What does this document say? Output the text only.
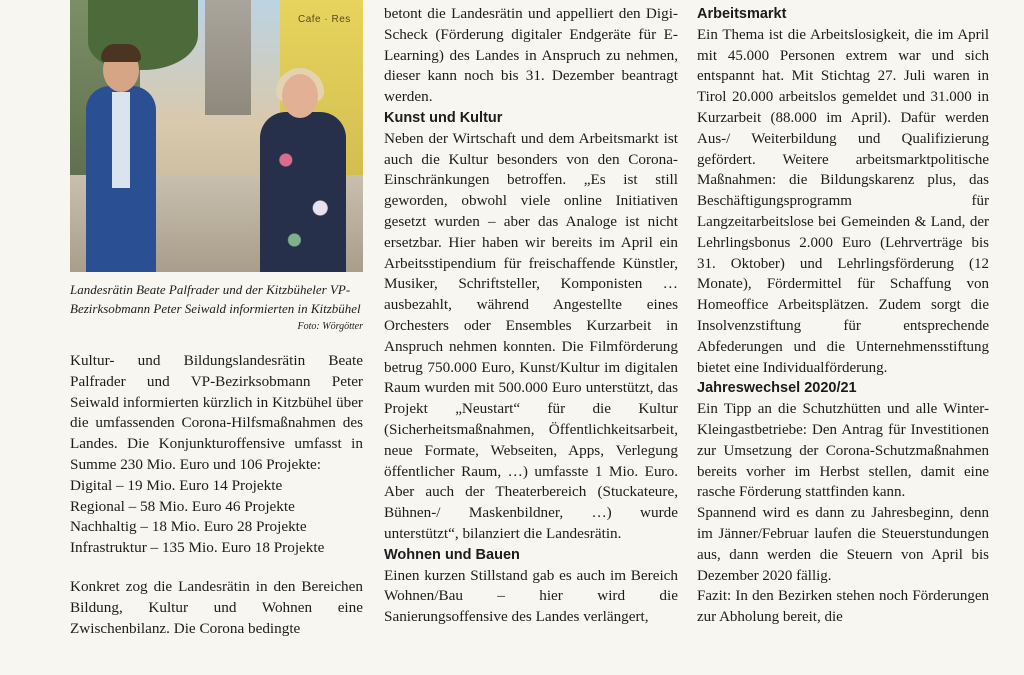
Cafe · Res

Landesrätin Beate Palfrader und der Kitzbüheler VP-Bezirksobmann Peter Seiwald informierten in Kitzbühel

Foto: Wörgötter

Kultur- und Bildungslandesrätin Beate Palfrader und VP-Bezirksobmann Peter Seiwald informierten kürzlich in Kitzbühel über die umfassenden Corona-Hilfsmaßnahmen des Landes. Die Konjunkturoffensive umfasst in Summe 230 Mio. Euro und 106 Projekte:

Digital – 19 Mio. Euro 14 Projekte
Regional – 58 Mio. Euro 46 Projekte
Nachhaltig – 18 Mio. Euro 28 Projekte
Infrastruktur – 135 Mio. Euro 18 Projekte

Konkret zog die Landesrätin in den Bereichen Bildung, Kultur und Wohnen eine Zwischenbilanz. Die Corona bedingte

betont die Landesrätin und appelliert den Digi-Scheck (Förderung digitaler Endgeräte für E-Learning) des Landes in Anspruch zu nehmen, dieser kann noch bis 31. Dezember beantragt werden.

Kunst und Kultur

Neben der Wirtschaft und dem Arbeitsmarkt ist auch die Kultur besonders von den Corona-Einschränkungen betroffen. „Es ist still geworden, obwohl viele online Initiativen gesetzt wurden – aber das Analoge ist nicht ersetzbar. Hier haben wir bereits im April ein Arbeitsstipendium für freischaffende Künstler, Musiker, Schriftsteller, Komponisten … ausbezahlt, während Angestellte eines Orchesters oder Ensembles Kurzarbeit in Anspruch nehmen konnten. Die Filmförderung betrug 750.000 Euro, Kunst/Kultur im digitalen Raum wurden mit 500.000 Euro unterstützt, das Projekt „Neustart“ für die Kultur (Sicherheitsmaßnahmen, Öffentlichkeitsarbeit, neue Formate, Webseiten, Apps, Verlegung öffentlicher Raum, …) umfasste 1 Mio. Euro. Aber auch der Theaterbereich (Stuckateure, Bühnen-/ Maskenbildner, …) wurde unterstützt“, bilanziert die Landesrätin.

Wohnen und Bauen

Einen kurzen Stillstand gab es auch im Bereich Wohnen/Bau – hier wird die Sanierungsoffensive des Landes verlängert,

Arbeitsmarkt

Ein Thema ist die Arbeitslosigkeit, die im April mit 45.000 Personen extrem war und sich entspannt hat. Mit Stichtag 27. Juli waren in Tirol 20.000 arbeitslos gemeldet und 31.000 in Kurzarbeit (88.000 im April). Dafür werden Aus-/ Weiterbildung und Qualifizierung gefördert. Weitere arbeitsmarktpolitische Maßnahmen: die Bildungskarenz plus, das Beschäftigungsprogramm für Langzeitarbeitslose bei Gemeinden & Land, der Lehrlingsbonus 2.000 Euro (Lehrverträge bis 31. Oktober) und Lehrlingsförderung (12 Monate), Fördermittel für Schaffung von Homeoffice Arbeitsplätzen. Zudem sorgt die Insolvenzstiftung für entsprechende Abfederungen und die Unternehmensstiftung bietet eine Individualförderung.

Jahreswechsel 2020/21

Ein Tipp an die Schutzhütten und alle Winter-Kleingastbetriebe: Den Antrag für Investitionen zur Umsetzung der Corona-Schutzmaßnahmen bereits vorher im Herbst stellen, damit eine rasche Förderung stattfinden kann.

Spannend wird es dann zu Jahresbeginn, denn im Jänner/Februar laufen die Steuerstundungen aus, dann werden die Steuern von April bis Dezember 2020 fällig.

Fazit: In den Bezirken stehen noch Förderungen zur Abholung bereit, die
